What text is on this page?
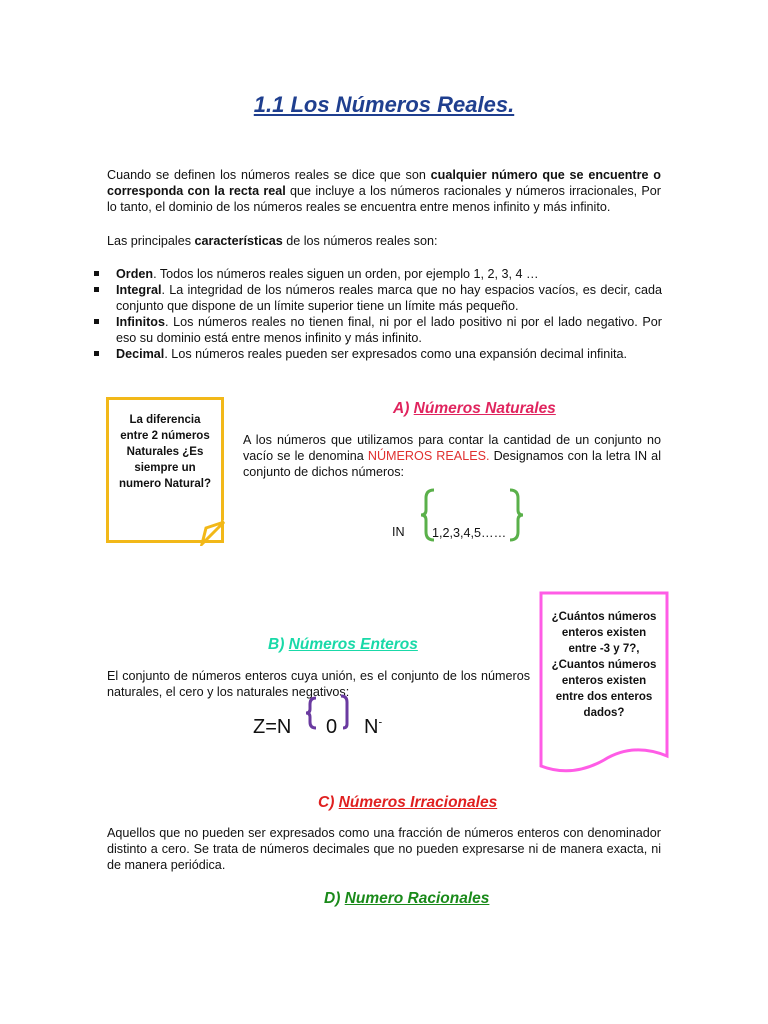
1.1 Los Números Reales.
Cuando se definen los números reales se dice que son cualquier número que se encuentre o corresponda con la recta real que incluye a los números racionales y números irracionales, Por lo tanto, el dominio de los números reales se encuentra entre menos infinito y más infinito.
Las principales características de los números reales son:
Orden. Todos los números reales siguen un orden, por ejemplo 1, 2, 3, 4 …
Integral. La integridad de los números reales marca que no hay espacios vacíos, es decir, cada conjunto que dispone de un límite superior tiene un límite más pequeño.
Infinitos. Los números reales no tienen final, ni por el lado positivo ni por el lado negativo. Por eso su dominio está entre menos infinito y más infinito.
Decimal. Los números reales pueden ser expresados como una expansión decimal infinita.
La diferencia entre 2 números Naturales ¿Es siempre un numero Natural?
A) Números Naturales
A los números que utilizamos para contar la cantidad de un conjunto no vacío se le denomina NÚMEROS REALES. Designamos con la letra IN al conjunto de dichos números:
IN 1,2,3,4,5……
¿Cuántos números enteros existen entre -3 y 7?, ¿Cuantos números enteros existen entre dos enteros dados?
B) Números Enteros
El conjunto de números enteros cuya unión, es el conjunto de los números naturales, el cero y los naturales negativos:
Z=N 0 N-
C) Números Irracionales
Aquellos que no pueden ser expresados como una fracción de números enteros con denominador distinto a cero. Se trata de números decimales que no pueden expresarse ni de manera exacta, ni de manera periódica.
D) Numero Racionales
